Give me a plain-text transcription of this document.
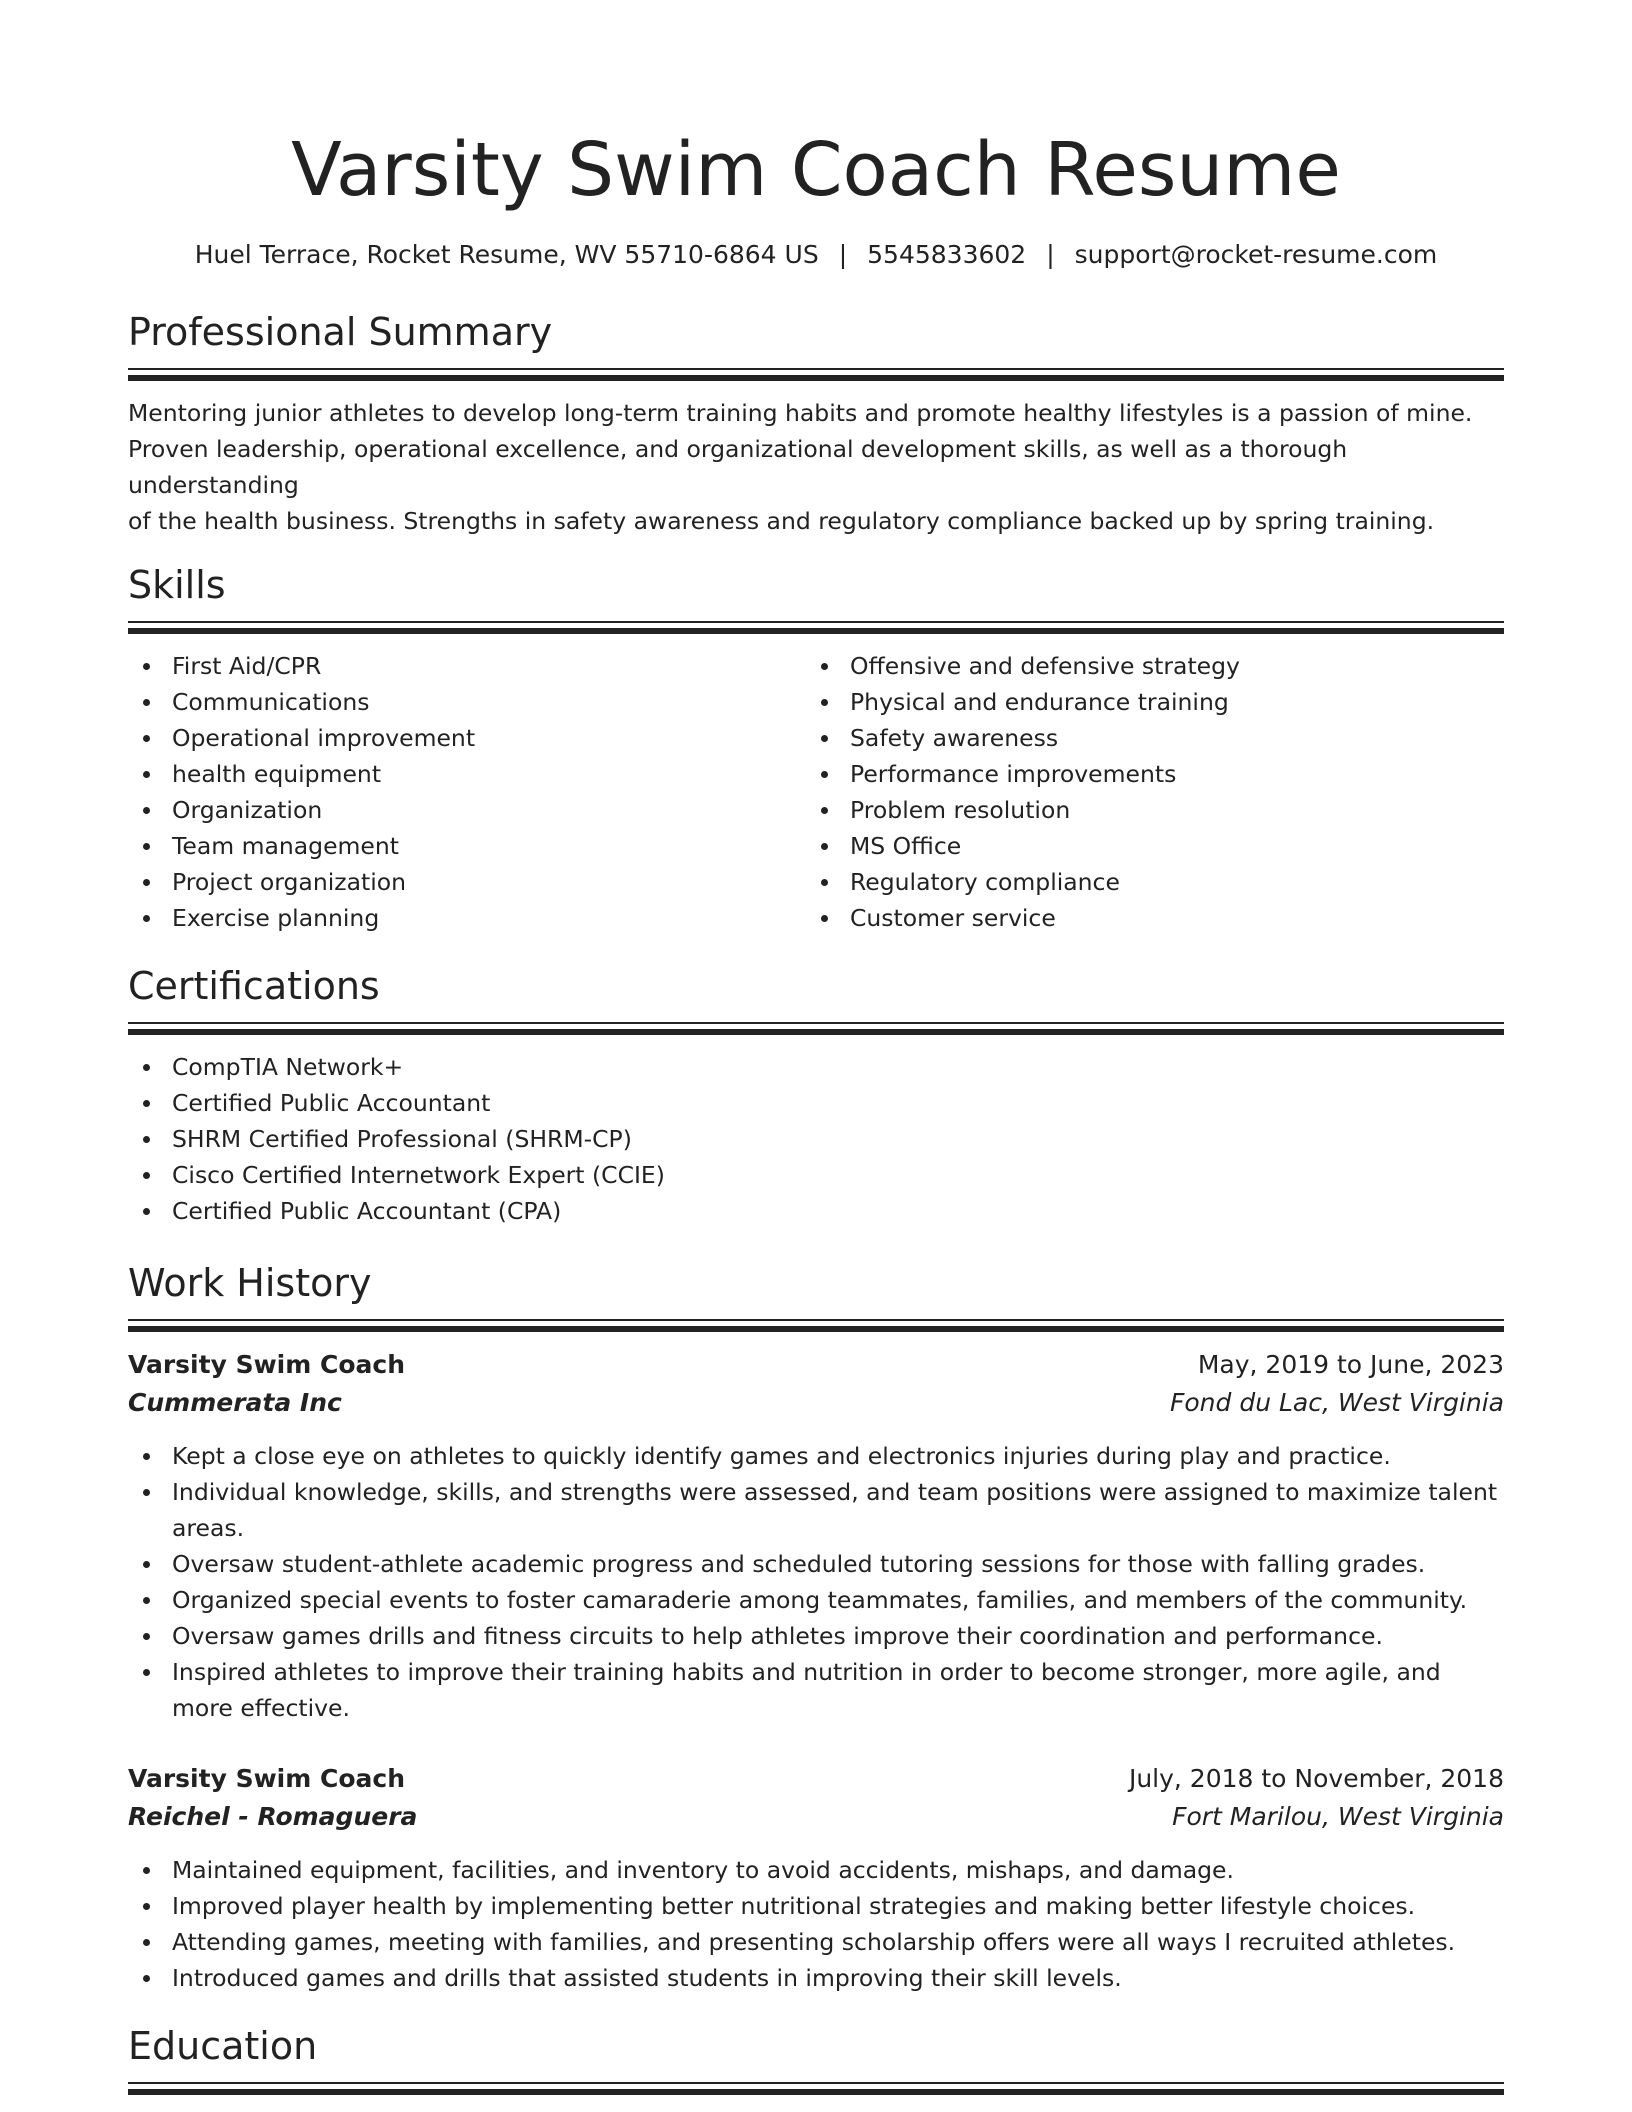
Varsity Swim Coach Resume
Huel Terrace, Rocket Resume, WV 55710-6864 US | 5545833602 | support@rocket-resume.com
Professional Summary
Mentoring junior athletes to develop long-term training habits and promote healthy lifestyles is a passion of mine.
Proven leadership, operational excellence, and organizational development skills, as well as a thorough understanding
of the health business. Strengths in safety awareness and regulatory compliance backed up by spring training.
Skills
First Aid/CPR
Communications
Operational improvement
health equipment
Organization
Team management
Project organization
Exercise planning
Offensive and defensive strategy
Physical and endurance training
Safety awareness
Performance improvements
Problem resolution
MS Office
Regulatory compliance
Customer service
Certifications
CompTIA Network+
Certified Public Accountant
SHRM Certified Professional (SHRM-CP)
Cisco Certified Internetwork Expert (CCIE)
Certified Public Accountant (CPA)
Work History
Varsity Swim Coach	May, 2019 to June, 2023
Cummerata Inc	Fond du Lac, West Virginia
Kept a close eye on athletes to quickly identify games and electronics injuries during play and practice.
Individual knowledge, skills, and strengths were assessed, and team positions were assigned to maximize talent areas.
Oversaw student-athlete academic progress and scheduled tutoring sessions for those with falling grades.
Organized special events to foster camaraderie among teammates, families, and members of the community.
Oversaw games drills and fitness circuits to help athletes improve their coordination and performance.
Inspired athletes to improve their training habits and nutrition in order to become stronger, more agile, and more effective.
Varsity Swim Coach	July, 2018 to November, 2018
Reichel - Romaguera	Fort Marilou, West Virginia
Maintained equipment, facilities, and inventory to avoid accidents, mishaps, and damage.
Improved player health by implementing better nutritional strategies and making better lifestyle choices.
Attending games, meeting with families, and presenting scholarship offers were all ways I recruited athletes.
Introduced games and drills that assisted students in improving their skill levels.
Education
